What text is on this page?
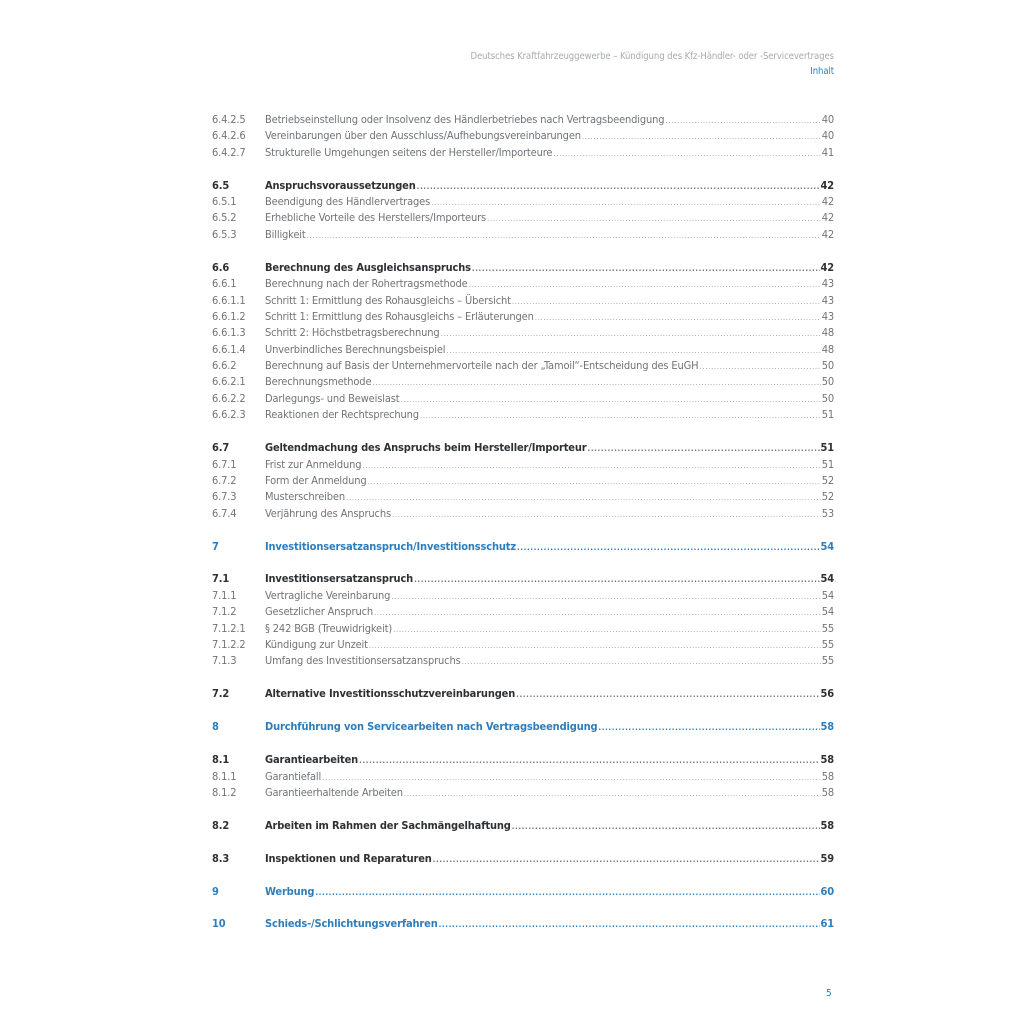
Deutsches Kraftfahrzeuggewerbe – Kündigung des Kfz-Händler- oder -Servicevertrages
Inhalt
6.4.2.5	Betriebseinstellung oder Insolvenz des Händlerbetriebes nach Vertragsbeendigung .....	40
6.4.2.6	Vereinbarungen über den Ausschluss/Aufhebungsvereinbarungen .....	40
6.4.2.7	Strukturelle Umgehungen seitens der Hersteller/Importeure .....	41
6.5	Anspruchsvoraussetzungen .....	42
6.5.1	Beendigung des Händlervertrages .....	42
6.5.2	Erhebliche Vorteile des Herstellers/Importeurs .....	42
6.5.3	Billigkeit .....	42
6.6	Berechnung des Ausgleichsanspruchs .....	42
6.6.1	Berechnung nach der Rohertragsmethode .....	43
6.6.1.1	Schritt 1: Ermittlung des Rohausgleichs – Übersicht .....	43
6.6.1.2	Schritt 1: Ermittlung des Rohausgleichs – Erläuterungen .....	43
6.6.1.3	Schritt 2: Höchstbetragsberechnung .....	48
6.6.1.4	Unverbindliches Berechnungsbeispiel .....	48
6.6.2	Berechnung auf Basis der Unternehmervorteile nach der „Tamoil“-Entscheidung des EuGH .....	50
6.6.2.1	Berechnungsmethode .....	50
6.6.2.2	Darlegungs- und Beweislast .....	50
6.6.2.3	Reaktionen der Rechtsprechung .....	51
6.7	Geltendmachung des Anspruchs beim Hersteller/Importeur .....	51
6.7.1	Frist zur Anmeldung .....	51
6.7.2	Form der Anmeldung .....	52
6.7.3	Musterschreiben .....	52
6.7.4	Verjährung des Anspruchs .....	53
7	Investitionsersatzanspruch/Investitionsschutz .....	54
7.1	Investitionsersatzanspruch .....	54
7.1.1	Vertragliche Vereinbarung .....	54
7.1.2	Gesetzlicher Anspruch .....	54
7.1.2.1	§ 242 BGB (Treuwidrigkeit) .....	55
7.1.2.2	Kündigung zur Unzeit .....	55
7.1.3	Umfang des Investitionsersatzanspruchs .....	55
7.2	Alternative Investitionsschutzvereinbarungen .....	56
8	Durchführung von Servicearbeiten nach Vertragsbeendigung .....	58
8.1	Garantiearbeiten .....	58
8.1.1	Garantiefall .....	58
8.1.2	Garantieerhaltende Arbeiten .....	58
8.2	Arbeiten im Rahmen der Sachmängelhaftung .....	58
8.3	Inspektionen und Reparaturen .....	59
9	Werbung .....	60
10	Schieds-/Schlichtungsverfahren .....	61
5
